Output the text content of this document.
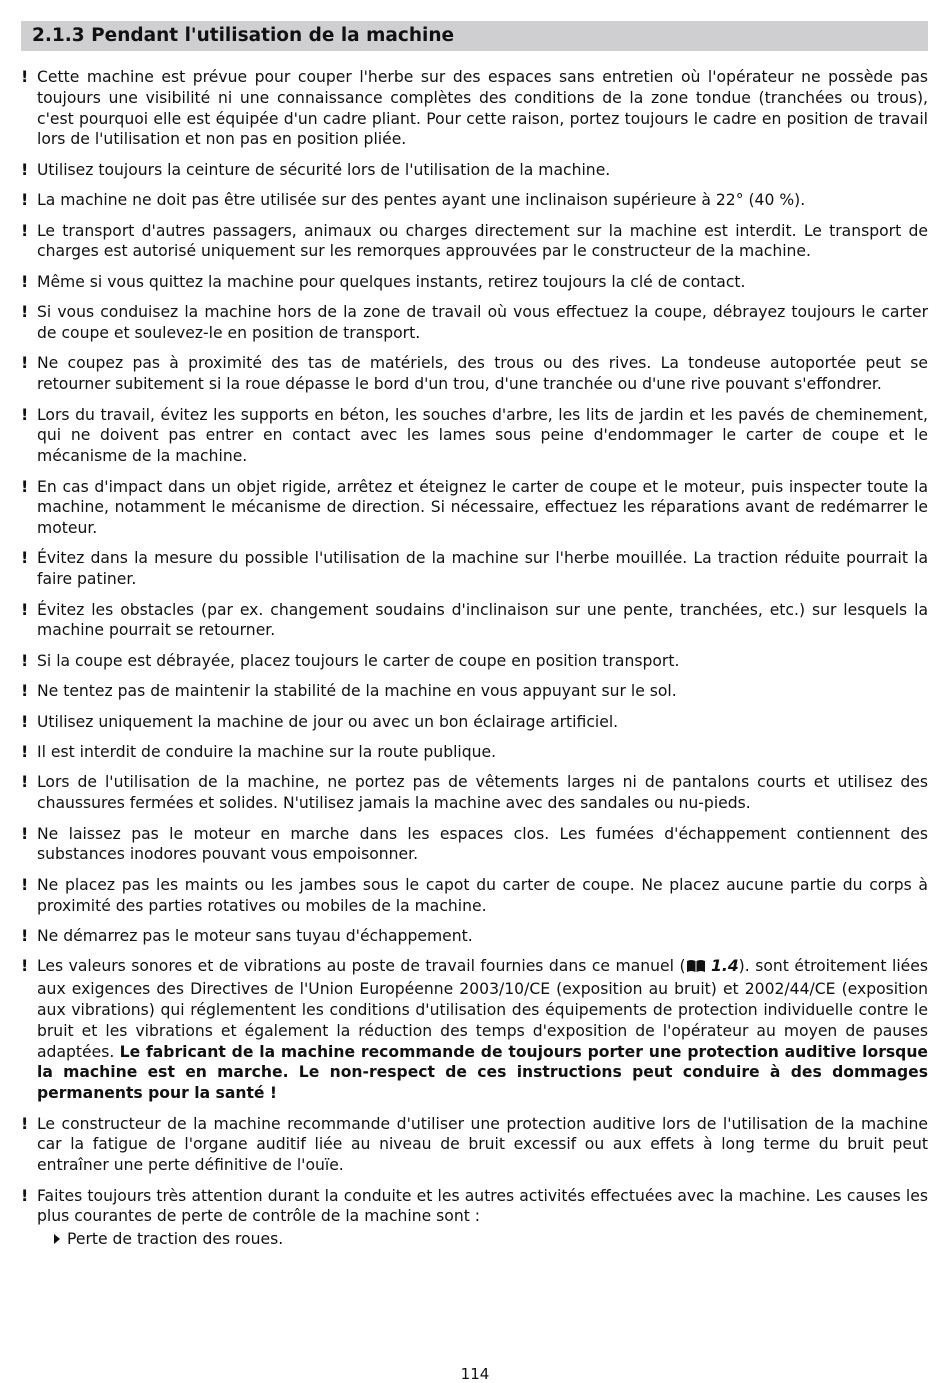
2.1.3 Pendant l'utilisation de la machine
! Cette machine est prévue pour couper l'herbe sur des espaces sans entretien où l'opérateur ne possède pas toujours une visibilité ni une connaissance complètes des conditions de la zone tondue (tranchées ou trous), c'est pourquoi elle est équipée d'un cadre pliant. Pour cette raison, portez toujours le cadre en position de travail lors de l'utilisation et non pas en position pliée.
! Utilisez toujours la ceinture de sécurité lors de l'utilisation de la machine.
! La machine ne doit pas être utilisée sur des pentes ayant une inclinaison supérieure à 22° (40 %).
! Le transport d'autres passagers, animaux ou charges directement sur la machine est interdit. Le transport de charges est autorisé uniquement sur les remorques approuvées par le constructeur de la machine.
! Même si vous quittez la machine pour quelques instants, retirez toujours la clé de contact.
! Si vous conduisez la machine hors de la zone de travail où vous effectuez la coupe, débrayez toujours le carter de coupe et soulevez-le en position de transport.
! Ne coupez pas à proximité des tas de matériels, des trous ou des rives. La tondeuse autoportée peut se retourner subitement si la roue dépasse le bord d'un trou, d'une tranchée ou d'une rive pouvant s'effondrer.
! Lors du travail, évitez les supports en béton, les souches d'arbre, les lits de jardin et les pavés de cheminement, qui ne doivent pas entrer en contact avec les lames sous peine d'endommager le carter de coupe et le mécanisme de la machine.
! En cas d'impact dans un objet rigide, arrêtez et éteignez le carter de coupe et le moteur, puis inspecter toute la machine, notamment le mécanisme de direction. Si nécessaire, effectuez les réparations avant de redémarrer le moteur.
! Évitez dans la mesure du possible l'utilisation de la machine sur l'herbe mouillée. La traction réduite pourrait la faire patiner.
! Évitez les obstacles (par ex. changement soudains d'inclinaison sur une pente, tranchées, etc.) sur lesquels la machine pourrait se retourner.
! Si la coupe est débrayée, placez toujours le carter de coupe en position transport.
! Ne tentez pas de maintenir la stabilité de la machine en vous appuyant sur le sol.
! Utilisez uniquement la machine de jour ou avec un bon éclairage artificiel.
! Il est interdit de conduire la machine sur la route publique.
! Lors de l'utilisation de la machine, ne portez pas de vêtements larges ni de pantalons courts et utilisez des chaussures fermées et solides. N'utilisez jamais la machine avec des sandales ou nu-pieds.
! Ne laissez pas le moteur en marche dans les espaces clos. Les fumées d'échappement contiennent des substances inodores pouvant vous empoisonner.
! Ne placez pas les maints ou les jambes sous le capot du carter de coupe. Ne placez aucune partie du corps à proximité des parties rotatives ou mobiles de la machine.
! Ne démarrez pas le moteur sans tuyau d'échappement.
! Les valeurs sonores et de vibrations au poste de travail fournies dans ce manuel ( 1.4). sont étroitement liées aux exigences des Directives de l'Union Européenne 2003/10/CE (exposition au bruit) et 2002/44/CE (exposition aux vibrations) qui réglementent les conditions d'utilisation des équipements de protection individuelle contre le bruit et les vibrations et également la réduction des temps d'exposition de l'opérateur au moyen de pauses adaptées. Le fabricant de la machine recommande de toujours porter une protection auditive lorsque la machine est en marche. Le non-respect de ces instructions peut conduire à des dommages permanents pour la santé !
! Le constructeur de la machine recommande d'utiliser une protection auditive lors de l'utilisation de la machine car la fatigue de l'organe auditif liée au niveau de bruit excessif ou aux effets à long terme du bruit peut entraîner une perte définitive de l'ouïe.
! Faites toujours très attention durant la conduite et les autres activités effectuées avec la machine. Les causes les plus courantes de perte de contrôle de la machine sont :
Perte de traction des roues.
114
